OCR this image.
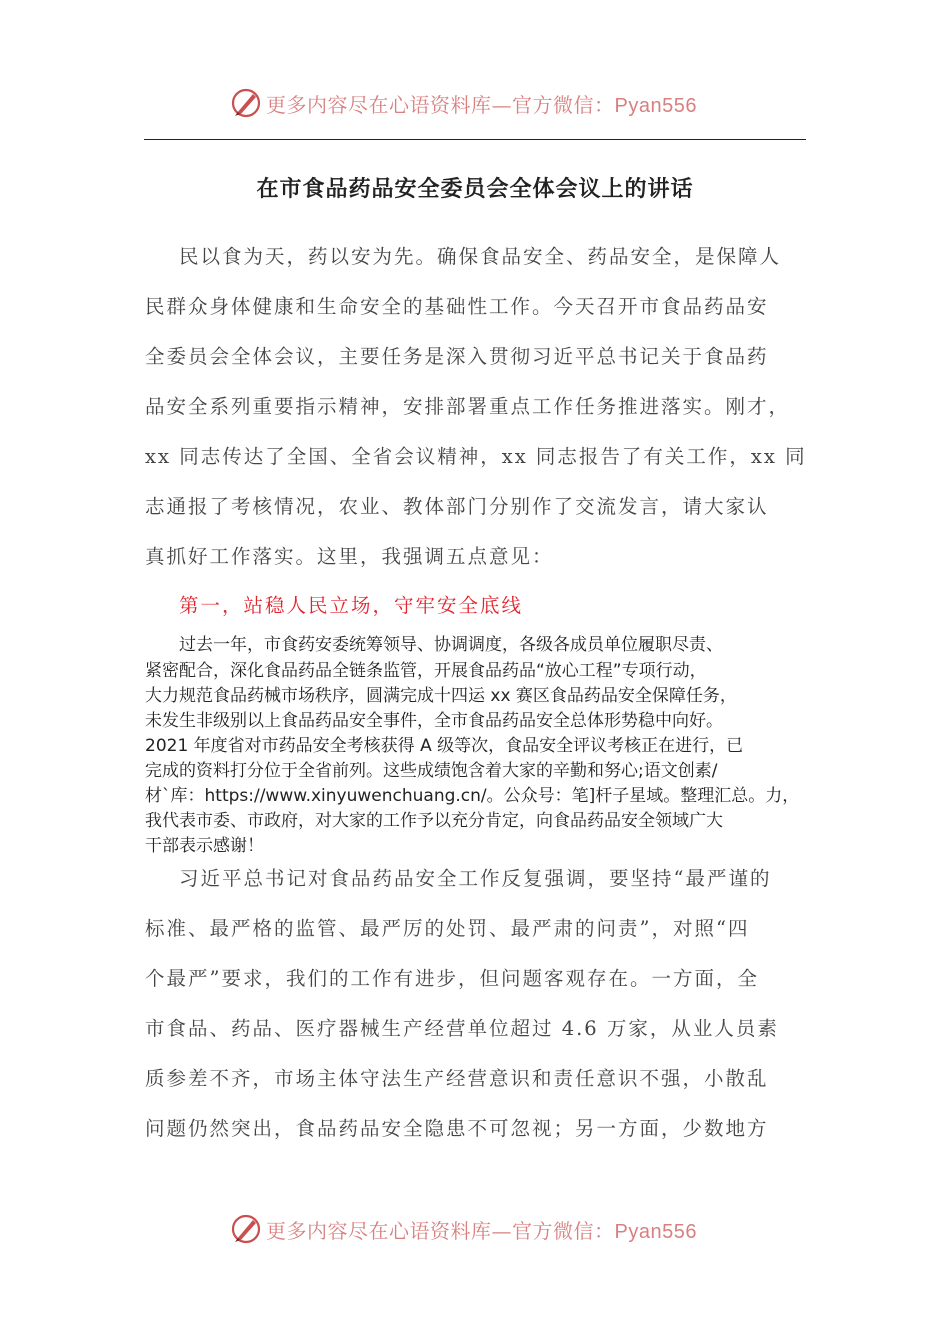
更多内容尽在心语资料库—官方微信：Pyan556
在市食品药品安全委员会全体会议上的讲话
民以食为天，药以安为先。确保食品安全、药品安全，是保障人
民群众身体健康和生命安全的基础性工作。今天召开市食品药品安
全委员会全体会议，主要任务是深入贯彻习近平总书记关于食品药
品安全系列重要指示精神，安排部署重点工作任务推进落实。刚才，
xx 同志传达了全国、全省会议精神，xx 同志报告了有关工作，xx 同
志通报了考核情况，农业、教体部门分别作了交流发言，请大家认
真抓好工作落实。这里，我强调五点意见：
第一，站稳人民立场，守牢安全底线
过去一年，市食药安委统筹领导、协调调度，各级各成员单位履职尽责、
紧密配合，深化食品药品全链条监管，开展食品药品“放心工程”专项行动，
大力规范食品药械市场秩序，圆满完成十四运 xx 赛区食品药品安全保障任务，
未发生非级别以上食品药品安全事件，全市食品药品安全总体形势稳中向好。
2021 年度省对市药品安全考核获得 A 级等次，食品安全评议考核正在进行，已
完成的资料打分位于全省前列。这些成绩饱含着大家的辛勤和努心;语文创素/
材`库：https://www.xinyuwenchuang.cn/。公众号：笔]杆子星域。整理汇总。力，
我代表市委、市政府，对大家的工作予以充分肯定，向食品药品安全领域广大
干部表示感谢！
习近平总书记对食品药品安全工作反复强调，要坚持“最严谨的
标准、最严格的监管、最严厉的处罚、最严肃的问责”，对照“四
个最严”要求，我们的工作有进步，但问题客观存在。一方面，全
市食品、药品、医疗器械生产经营单位超过 4.6 万家，从业人员素
质参差不齐，市场主体守法生产经营意识和责任意识不强，小散乱
问题仍然突出，食品药品安全隐患不可忽视；另一方面，少数地方
更多内容尽在心语资料库—官方微信：Pyan556
